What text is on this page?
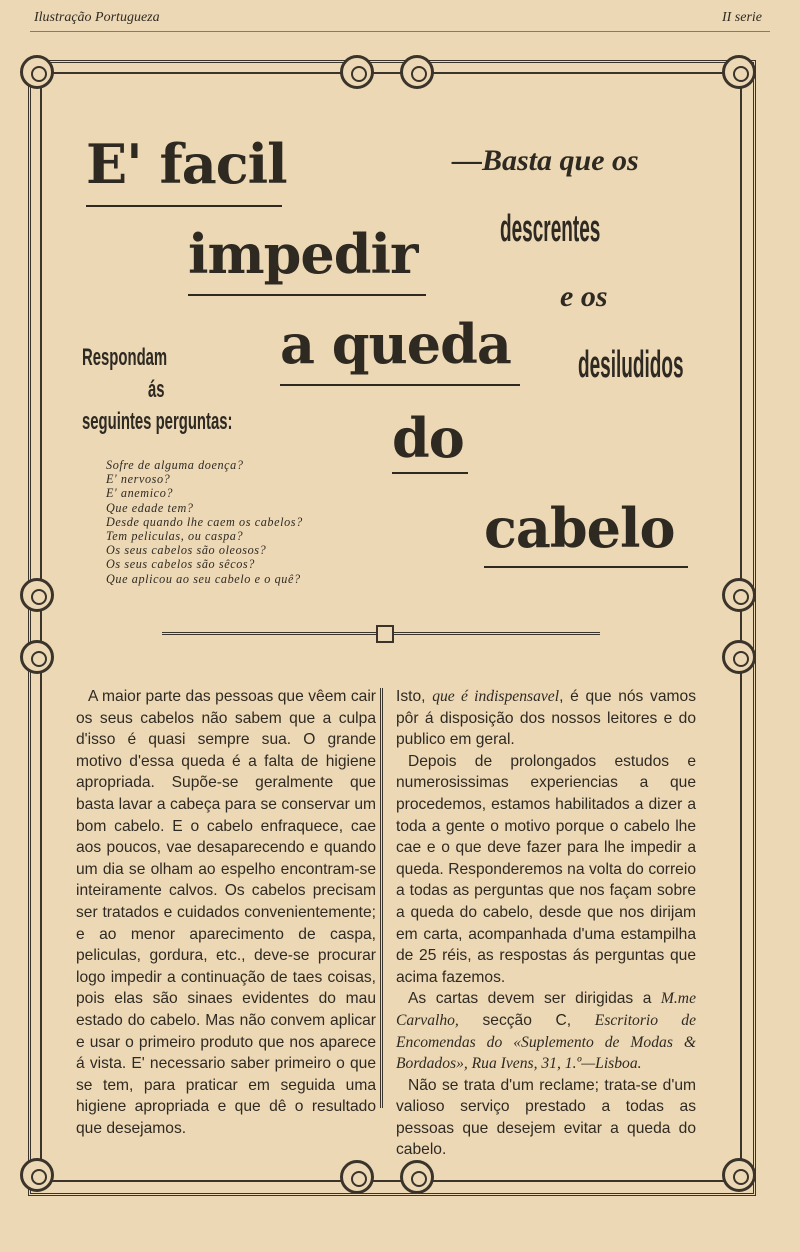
Ilustração Portugueza	II serie
E' facil
impedir
a queda
do
cabelo
—Basta que os
descrentes
e os
desiludidos
Respondam
ás
seguintes perguntas:
Sofre de alguma doença?
E' nervoso?
E' anemico?
Que edade tem?
Desde quando lhe caem os cabelos?
Tem peliculas, ou caspa?
Os seus cabelos são oleosos?
Os seus cabelos são sêcos?
Que aplicou ao seu cabelo e o quê?

A maior parte das pessoas que vêem cair os seus cabelos não sabem que a culpa d'isso é quasi sempre sua. O grande motivo d'essa queda é a falta de higiene apropriada. Supõe-se geralmente que basta lavar a cabeça para se conservar um bom cabelo. E o cabelo enfraquece, cae aos poucos, vae desaparecendo e quando um dia se olham ao espelho encontram-se inteiramente calvos. Os cabelos precisam ser tratados e cuidados convenientemente; e ao menor aparecimento de caspa, peliculas, gordura, etc., deve-se procurar logo impedir a continuação de taes coisas, pois elas são sinaes evidentes do mau estado do cabelo. Mas não convem aplicar e usar o primeiro produto que nos aparece á vista. E' necessario saber primeiro o que se tem, para praticar em seguida uma higiene apropriada e que dê o resultado que desejamos.

Isto, que é indispensavel, é que nós vamos pôr á disposição dos nossos leitores e do publico em geral.

Depois de prolongados estudos e numerosissimas experiencias a que procedemos, estamos habilitados a dizer a toda a gente o motivo porque o cabelo lhe cae e o que deve fazer para lhe impedir a queda. Responderemos na volta do correio a todas as perguntas que nos façam sobre a queda do cabelo, desde que nos dirijam em carta, acompanhada d'uma estampilha de 25 réis, as respostas ás perguntas que acima fazemos.

As cartas devem ser dirigidas a M.me Carvalho, secção C, Escritorio de Encomendas do «Suplemento de Modas & Bordados», Rua Ivens, 31, 1.º—Lisboa.

Não se trata d'um reclame; trata-se d'um valioso serviço prestado a todas as pessoas que desejem evitar a queda do cabelo.
